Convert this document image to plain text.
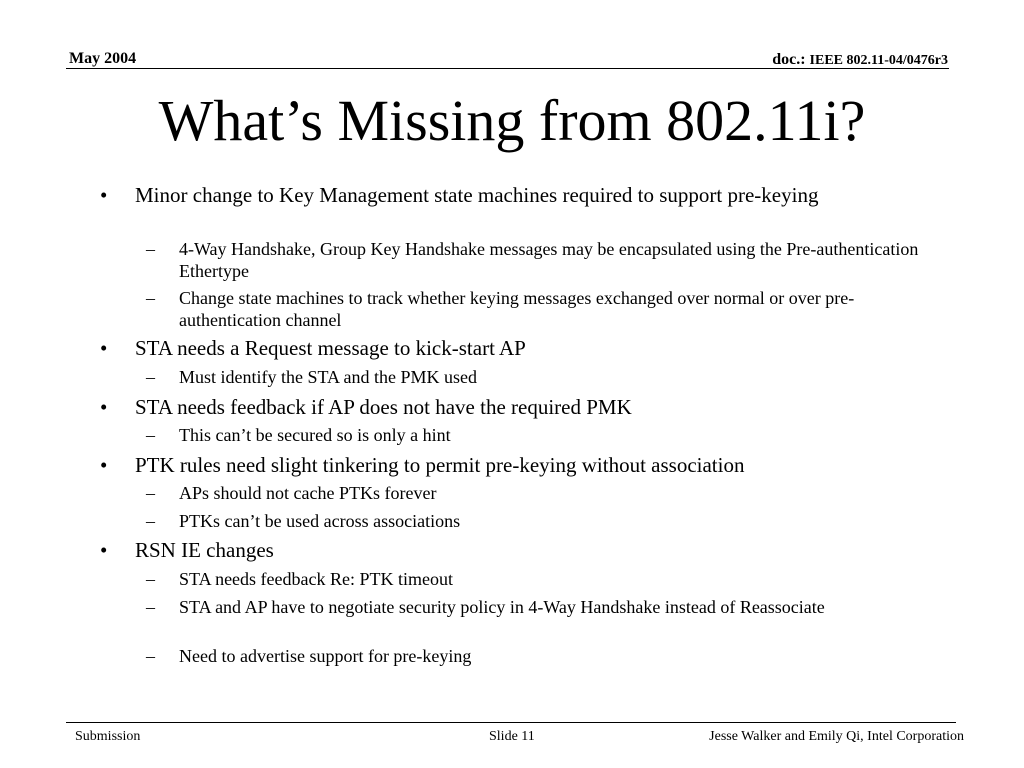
May 2004	doc.: IEEE 802.11-04/0476r3
What’s Missing from 802.11i?
• Minor change to Key Management state machines required to support pre-keying
– 4-Way Handshake, Group Key Handshake messages may be encapsulated using the Pre-authentication Ethertype
– Change state machines to track whether keying messages exchanged over normal or over pre-authentication channel
• STA needs a Request message to kick-start AP
– Must identify the STA and the PMK used
• STA needs feedback if AP does not have the required PMK
– This can’t be secured so is only a hint
• PTK rules need slight tinkering to permit pre-keying without association
– APs should not cache PTKs forever
– PTKs can’t be used across associations
• RSN IE changes
– STA needs feedback Re: PTK timeout
– STA and AP have to negotiate security policy in 4-Way Handshake instead of Reassociate
– Need to advertise support for pre-keying
Submission	Slide 11	Jesse Walker and Emily Qi, Intel Corporation
